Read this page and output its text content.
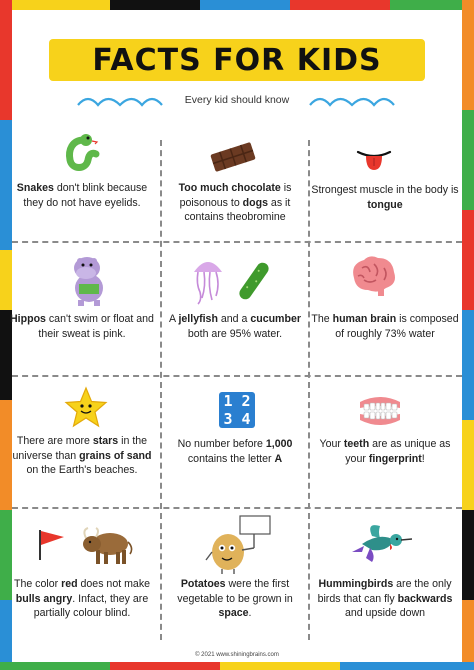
FACTS FOR KIDS
Every kid should know
1 2
3 4
Snakes don't blink because they do not have eyelids.
Too much chocolate is poisonous to dogs as it contains theobromine
Strongest muscle in the body is tongue
Hippos can't swim or float and their sweat is pink.
A jellyfish and a cucumber both are 95% water.
The human brain is composed of roughly 73% water
There are more stars in the universe than grains of sand on the Earth's beaches.
No number before 1,000 contains the letter A
Your teeth are as unique as your fingerprint!
The color red does not make bulls angry. Infact, they are partially colour blind.
Potatoes were the first vegetable to be grown in space.
Hummingbirds are the only birds that can fly backwards and upside down
© 2021 www.shiningbrains.com
